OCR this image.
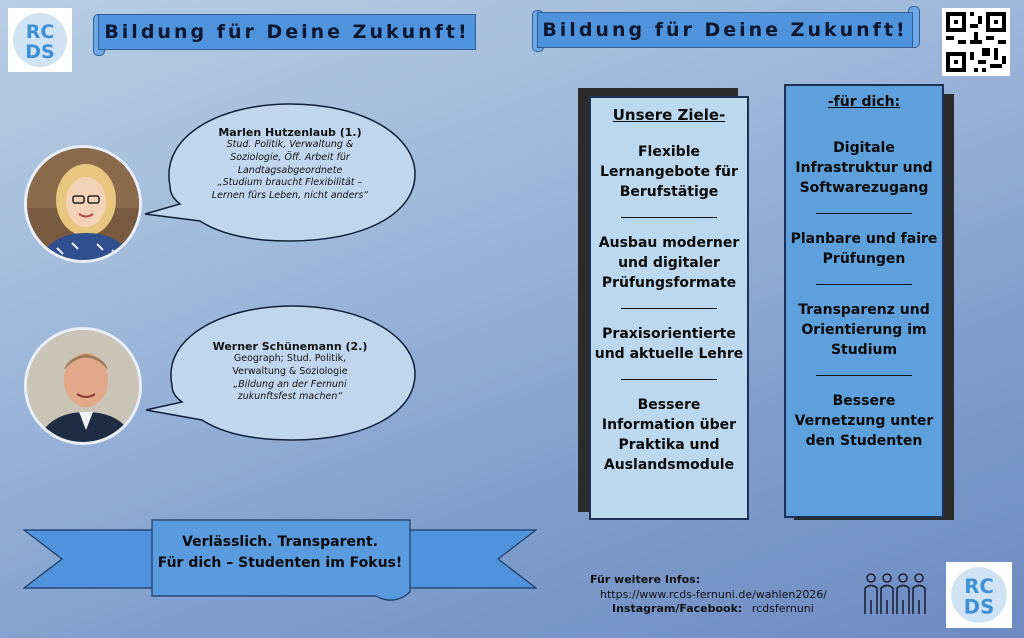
RC
DS
Bildung für Deine Zukunft!	Bildung für Deine Zukunft!
Marlen Hutzenlaub (1.)
Stud. Politik, Verwaltung &
Soziologie, Öff. Arbeit für
Landtagsabgeordnete
„Studium braucht Flexibilität –
Lernen fürs Leben, nicht anders“
Werner Schünemann (2.)
Geograph; Stud. Politik,
Verwaltung & Soziologie
„Bildung an der Fernuni
zukunftsfest machen“
Unsere Ziele-
Flexible Lernangebote für Berufstätige
Ausbau moderner und digitaler Prüfungsformate
Praxisorientierte und aktuelle Lehre
Bessere Information über Praktika und Auslandsmodule
-für dich:
Digitale Infrastruktur und Softwarezugang
Planbare und faire Prüfungen
Transparenz und Orientierung im Studium
Bessere Vernetzung unter den Studenten
Verlässlich. Transparent.
Für dich – Studenten im Fokus!
Für weitere Infos:
https://www.rcds-fernuni.de/wahlen2026/
Instagram/Facebook: rcdsfernuni
RC
DS
